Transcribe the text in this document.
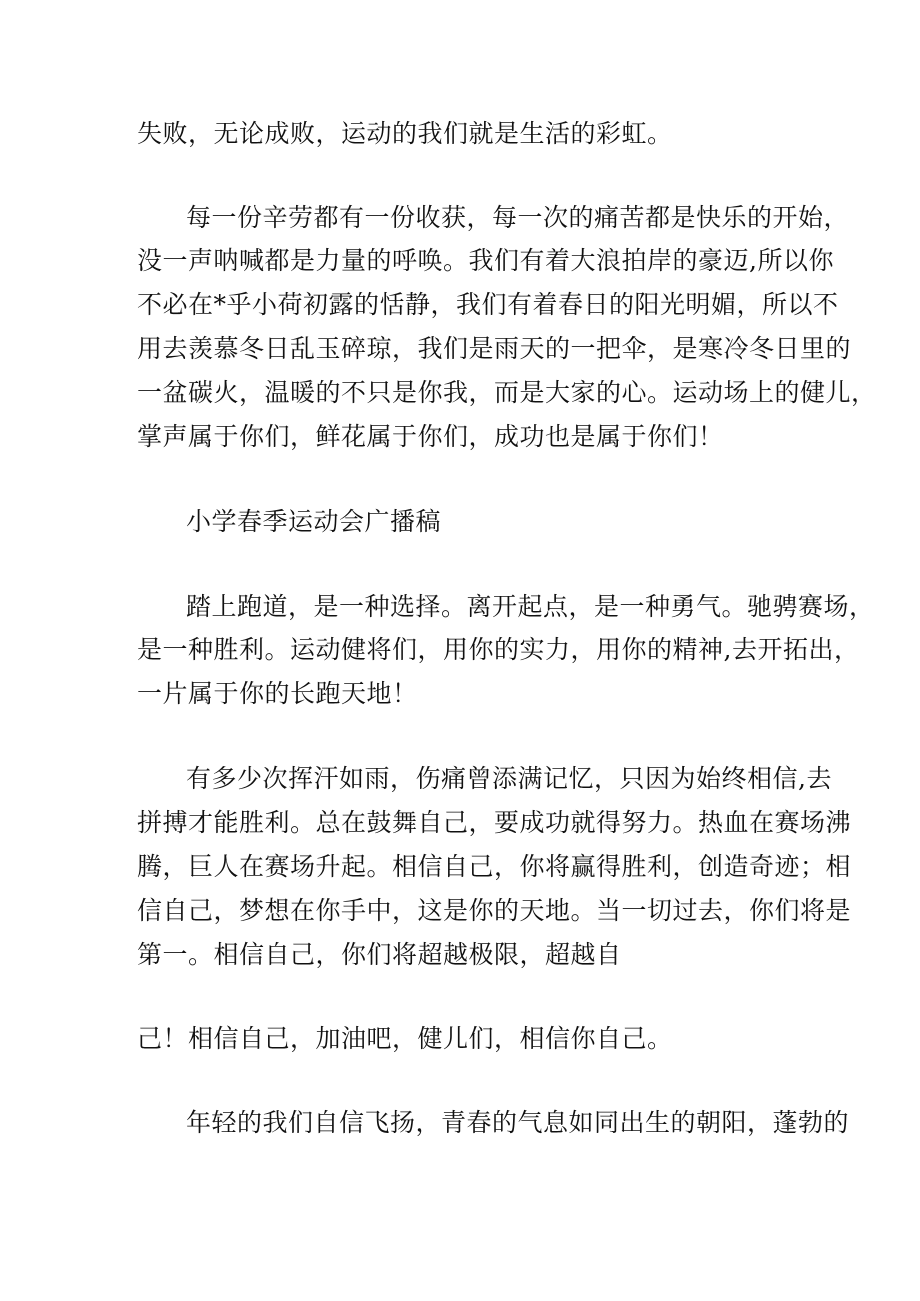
失败，无论成败，运动的我们就是生活的彩虹。
每一份辛劳都有一份收获，每一次的痛苦都是快乐的开始，
没一声呐喊都是力量的呼唤。我们有着大浪拍岸的豪迈,所以你
不必在*乎小荷初露的恬静，我们有着春日的阳光明媚，所以不
用去羡慕冬日乱玉碎琼，我们是雨天的一把伞，是寒冷冬日里的
一盆碳火，温暖的不只是你我，而是大家的心。运动场上的健儿，
掌声属于你们，鲜花属于你们，成功也是属于你们！
小学春季运动会广播稿
踏上跑道，是一种选择。离开起点，是一种勇气。驰骋赛场，
是一种胜利。运动健将们，用你的实力，用你的精神,去开拓出，
一片属于你的长跑天地！
有多少次挥汗如雨，伤痛曾添满记忆，只因为始终相信,去
拼搏才能胜利。总在鼓舞自己，要成功就得努力。热血在赛场沸
腾，巨人在赛场升起。相信自己，你将赢得胜利，创造奇迹；相
信自己，梦想在你手中，这是你的天地。当一切过去，你们将是
第一。相信自己，你们将超越极限，超越自
己！相信自己，加油吧，健儿们，相信你自己。
年轻的我们自信飞扬，青春的气息如同出生的朝阳，蓬勃的
